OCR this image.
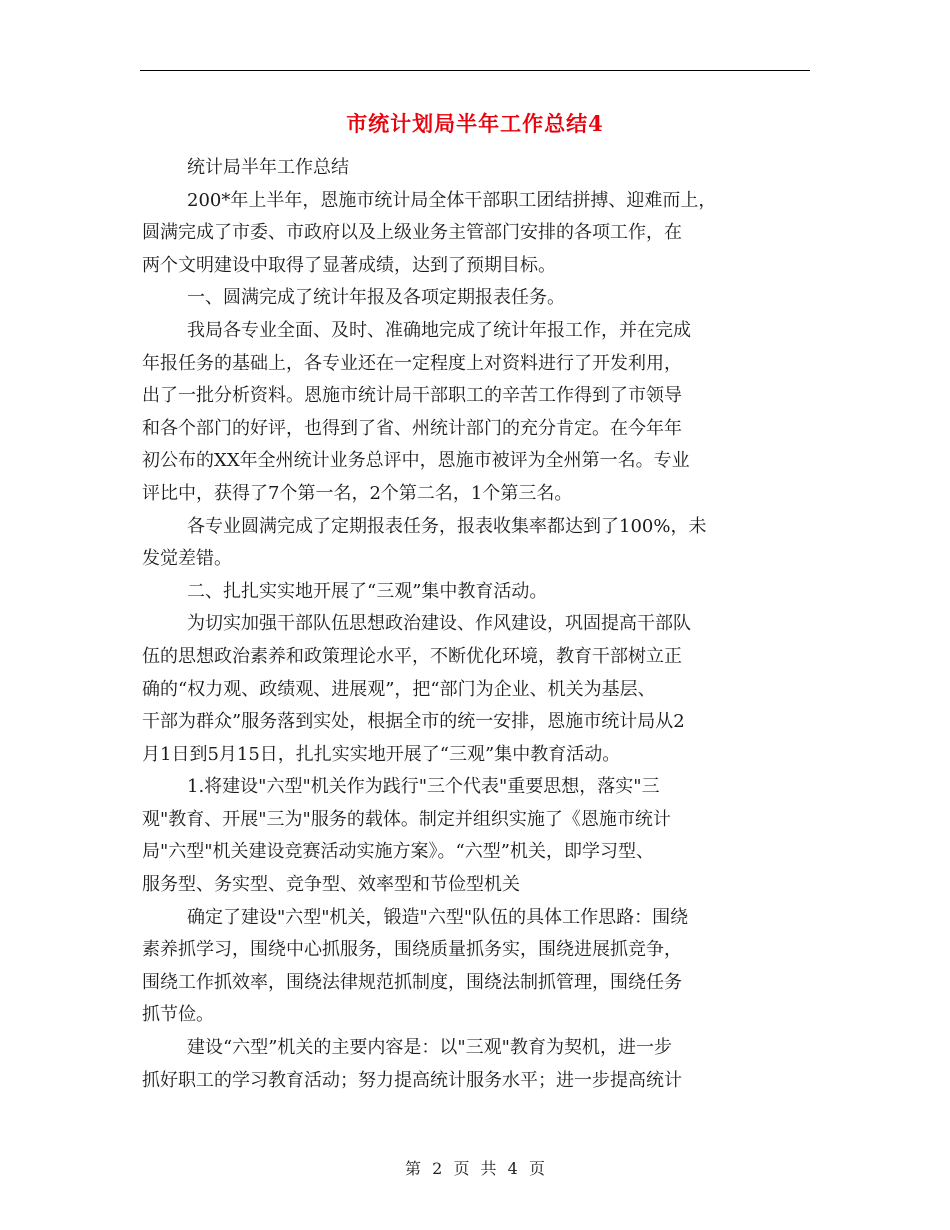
市统计划局半年工作总结4
统计局半年工作总结
200*年上半年，恩施市统计局全体干部职工团结拼搏、迎难而上，
圆满完成了市委、市政府以及上级业务主管部门安排的各项工作，在
两个文明建设中取得了显著成绩，达到了预期目标。
一、圆满完成了统计年报及各项定期报表任务。
我局各专业全面、及时、准确地完成了统计年报工作，并在完成
年报任务的基础上，各专业还在一定程度上对资料进行了开发利用，
出了一批分析资料。恩施市统计局干部职工的辛苦工作得到了市领导
和各个部门的好评，也得到了省、州统计部门的充分肯定。在今年年
初公布的XX年全州统计业务总评中，恩施市被评为全州第一名。专业
评比中，获得了7个第一名，2个第二名，1个第三名。
各专业圆满完成了定期报表任务，报表收集率都达到了100%，未
发觉差错。
二、扎扎实实地开展了“三观”集中教育活动。
为切实加强干部队伍思想政治建设、作风建设，巩固提高干部队
伍的思想政治素养和政策理论水平，不断优化环境，教育干部树立正
确的“权力观、政绩观、进展观”，把“部门为企业、机关为基层、
干部为群众”服务落到实处，根据全市的统一安排，恩施市统计局从2
月1日到5月15日，扎扎实实地开展了“三观”集中教育活动。
1.将建设"六型"机关作为践行"三个代表"重要思想，落实"三
观"教育、开展"三为"服务的载体。制定并组织实施了《恩施市统计
局"六型"机关建设竞赛活动实施方案》。“六型”机关，即学习型、
服务型、务实型、竞争型、效率型和节俭型机关
确定了建设"六型"机关，锻造"六型"队伍的具体工作思路：围绕
素养抓学习，围绕中心抓服务，围绕质量抓务实，围绕进展抓竞争，
围绕工作抓效率，围绕法律规范抓制度，围绕法制抓管理，围绕任务
抓节俭。
建设“六型”机关的主要内容是：以"三观"教育为契机，进一步
抓好职工的学习教育活动；努力提高统计服务水平；进一步提高统计
第 2 页 共 4 页
